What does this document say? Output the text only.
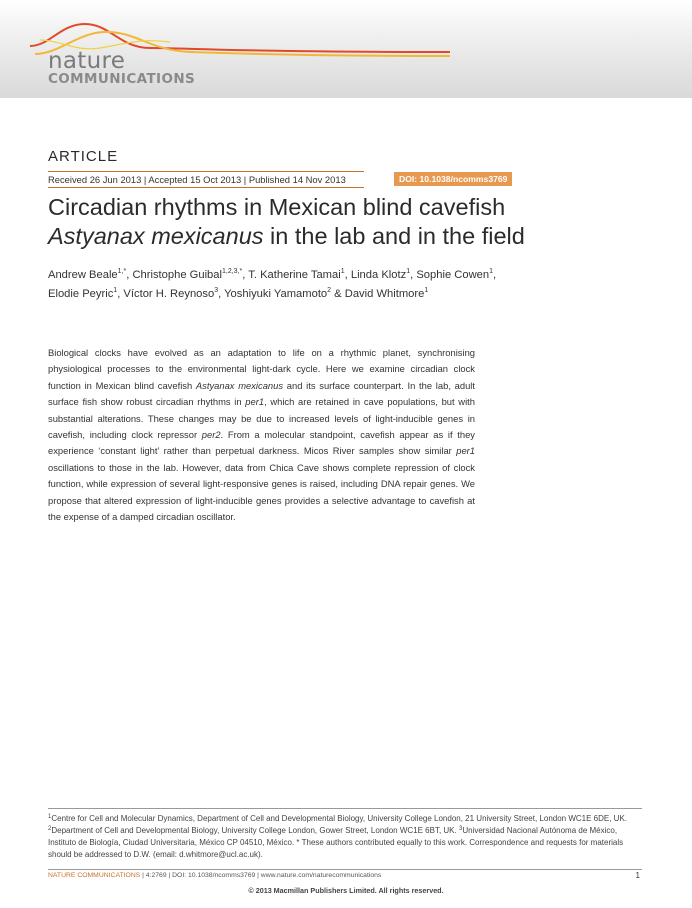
nature
COMMUNICATIONS
ARTICLE
Received 26 Jun 2013 | Accepted 15 Oct 2013 | Published 14 Nov 2013	DOI: 10.1038/ncomms3769
Circadian rhythms in Mexican blind cavefish
Astyanax mexicanus in the lab and in the field
Andrew Beale$^{1,*}$, Christophe Guibal$^{1,2,3,*}$, T. Katherine Tamai$^1$, Linda Klotz$^1$, Sophie Cowen$^1$,
Elodie Peyric$^1$, Víctor H. Reynoso$^3$, Yoshiyuki Yamamoto$^2$ & David Whitmore$^1$
Biological clocks have evolved as an adaptation to life on a rhythmic planet, synchronising physiological processes to the environmental light-dark cycle. Here we examine circadian clock function in Mexican blind cavefish Astyanax mexicanus and its surface counterpart. In the lab, adult surface fish show robust circadian rhythms in per1, which are retained in cave populations, but with substantial alterations. These changes may be due to increased levels of light-inducible genes in cavefish, including clock repressor per2. From a molecular standpoint, cavefish appear as if they experience ‘constant light’ rather than perpetual darkness. Micos River samples show similar per1 oscillations to those in the lab. However, data from Chica Cave shows complete repression of clock function, while expression of several light-responsive genes is raised, including DNA repair genes. We propose that altered expression of light-inducible genes provides a selective advantage to cavefish at the expense of a damped circadian oscillator.
$^1$Centre for Cell and Molecular Dynamics, Department of Cell and Developmental Biology, University College London, 21 University Street, London WC1E 6DE, UK. $^2$Department of Cell and Developmental Biology, University College London, Gower Street, London WC1E 6BT, UK. $^3$Universidad Nacional Autónoma de México, Instituto de Biología, Ciudad Universitaria, México CP 04510, México. * These authors contributed equally to this work. Correspondence and requests for materials should be addressed to D.W. (email: d.whitmore@ucl.ac.uk).
NATURE COMMUNICATIONS | 4:2769 | DOI: 10.1038/ncomms3769 | www.nature.com/naturecommunications	1
© 2013 Macmillan Publishers Limited. All rights reserved.
